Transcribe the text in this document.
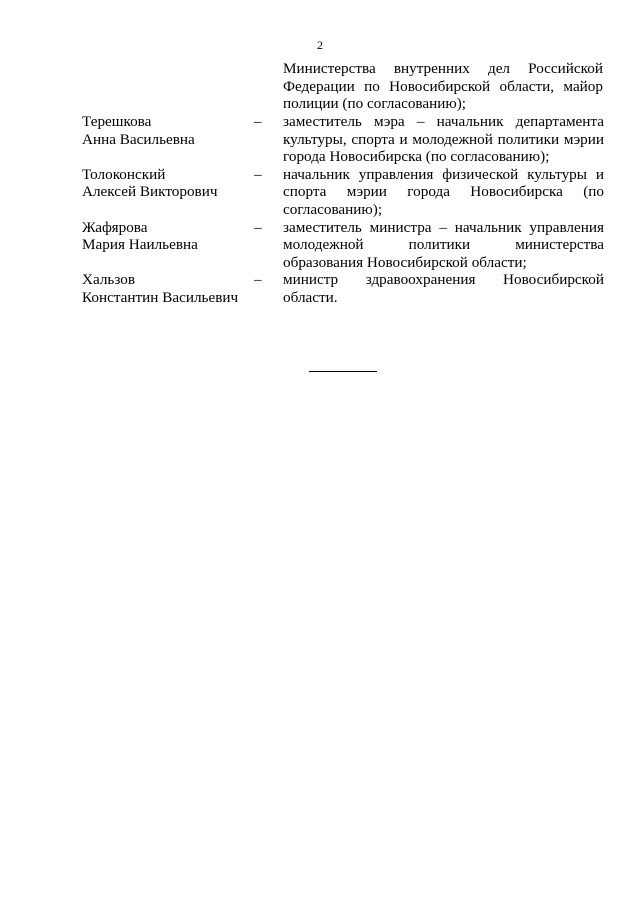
2
Министерства внутренних дел Российской Федерации по Новосибирской области, майор полиции (по согласованию);
Терешкова
Анна Васильевна
–	заместитель мэра – начальник департамента культуры, спорта и молодежной политики мэрии города Новосибирска (по согласованию);
Толоконский
Алексей Викторович
–	начальник управления физической культуры и спорта мэрии города Новосибирска (по согласованию);
Жафярова
Мария Наильевна
–	заместитель министра – начальник управления молодежной политики министерства образования Новосибирской области;
Хальзов
Константин Васильевич
–	министр здравоохранения Новосибирской области.
